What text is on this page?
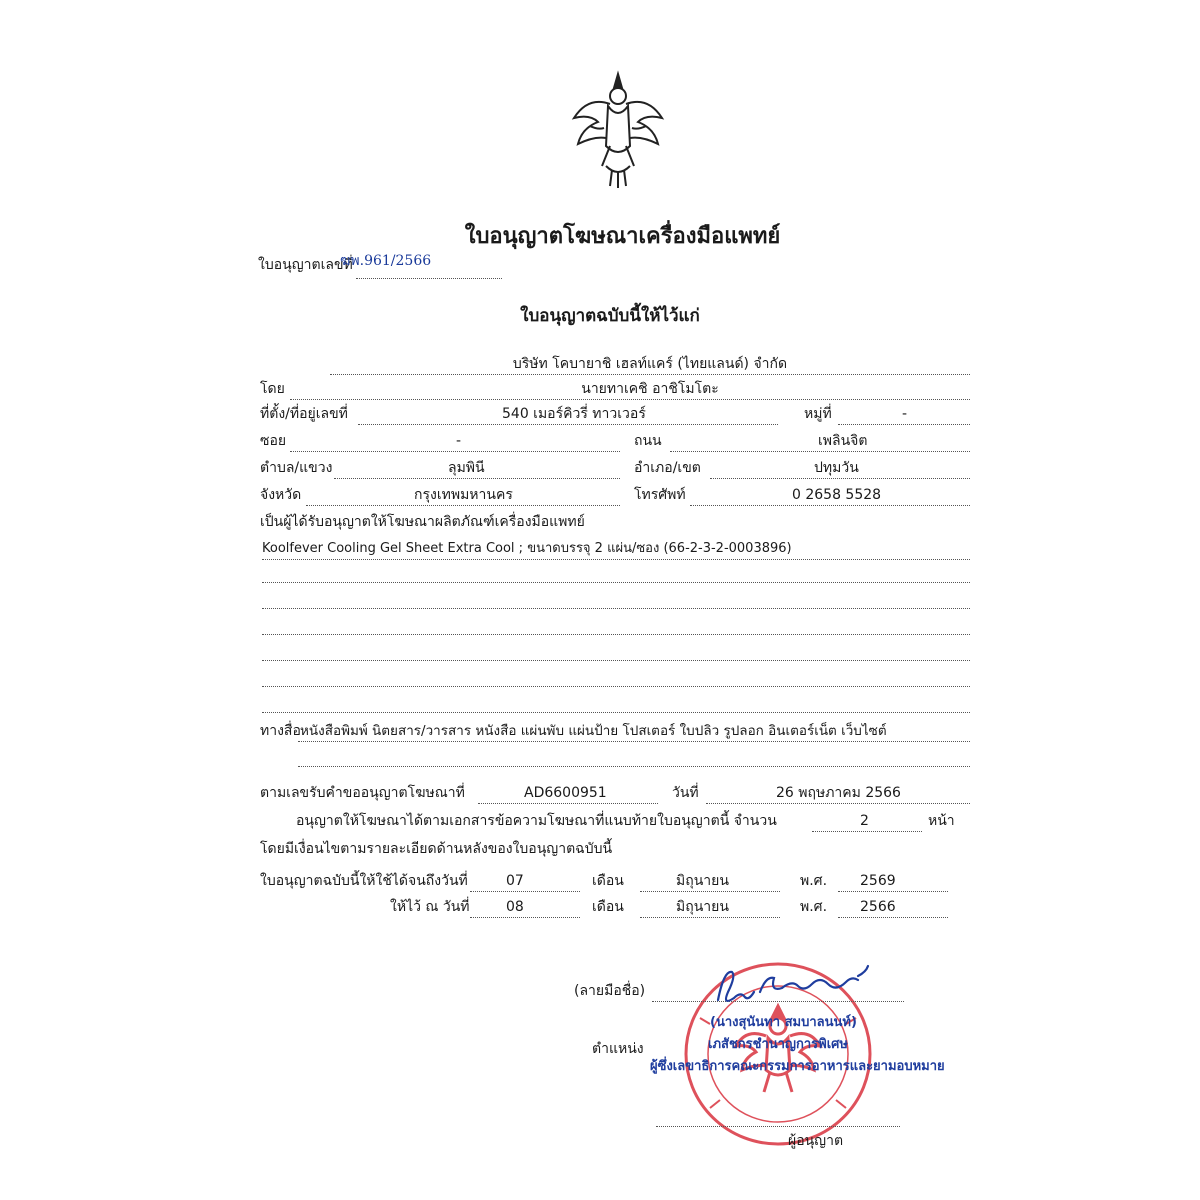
ใบอนุญาตโฆษณาเครื่องมือแพทย์
ใบอนุญาตเลขที่
ฆพ.961/2566
ใบอนุญาตฉบับนี้ให้ไว้แก่
บริษัท โคบายาชิ เฮลท์แคร์ (ไทยแลนด์) จำกัด
โดย	นายทาเคชิ อาชิโมโตะ
ที่ตั้ง/ที่อยู่เลขที่	540 เมอร์คิวรี่ ทาวเวอร์	หมู่ที่	-
ซอย	-	ถนน	เพลินจิต
ตำบล/แขวง	ลุมพินี	อำเภอ/เขต	ปทุมวัน
จังหวัด	กรุงเทพมหานคร	โทรศัพท์	0 2658 5528
เป็นผู้ได้รับอนุญาตให้โฆษณาผลิตภัณฑ์เครื่องมือแพทย์
Koolfever Cooling Gel Sheet Extra Cool ; ขนาดบรรจุ 2 แผ่น/ซอง (66-2-3-2-0003896)
ทางสื่อ หนังสือพิมพ์ นิตยสาร/วารสาร หนังสือ แผ่นพับ แผ่นป้าย โปสเตอร์ ใบปลิว รูปลอก อินเตอร์เน็ต เว็บไซต์
ตามเลขรับคำขออนุญาตโฆษณาที่	AD6600951	วันที่	26 พฤษภาคม 2566
อนุญาตให้โฆษณาได้ตามเอกสารข้อความโฆษณาที่แนบท้ายใบอนุญาตนี้ จำนวน	2	หน้า
โดยมีเงื่อนไขตามรายละเอียดด้านหลังของใบอนุญาตฉบับนี้
ใบอนุญาตฉบับนี้ให้ใช้ได้จนถึงวันที่	07	เดือน	มิถุนายน	พ.ศ. 2569
ให้ไว้ ณ วันที่	08	เดือน	มิถุนายน	พ.ศ. 2566
(ลายมือชื่อ)
ตำแหน่ง
(นางสุนันทา สมบาลนนท์)
เภสัชกรชำนาญการพิเศษ
ผู้ซึ่งเลขาธิการคณะกรรมการอาหารและยามอบหมาย
ผู้อนุญาต
